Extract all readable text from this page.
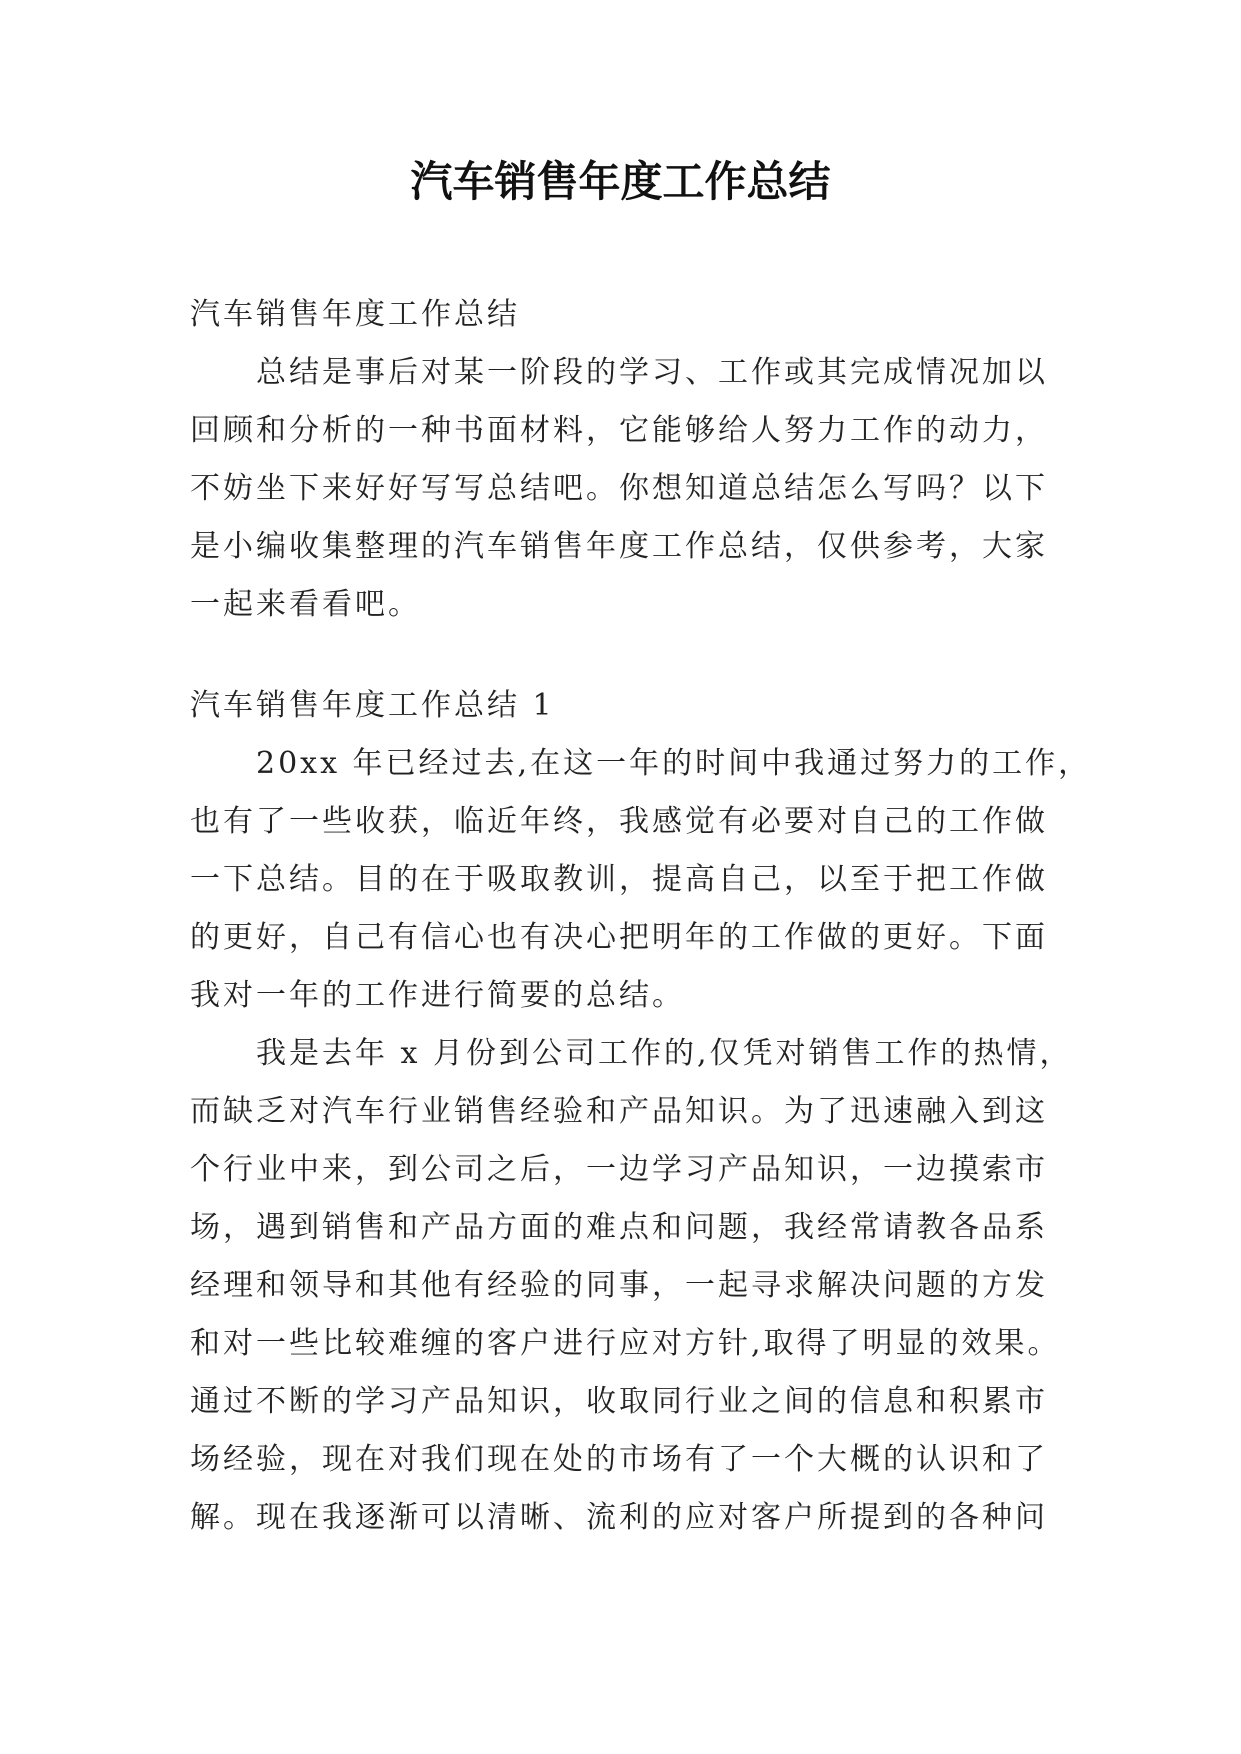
汽车销售年度工作总结

汽车销售年度工作总结

总结是事后对某一阶段的学习、工作或其完成情况加以
回顾和分析的一种书面材料，它能够给人努力工作的动力，
不妨坐下来好好写写总结吧。你想知道总结怎么写吗？以下
是小编收集整理的汽车销售年度工作总结，仅供参考，大家
一起来看看吧。

汽车销售年度工作总结 1

20xx 年已经过去,在这一年的时间中我通过努力的工作，
也有了一些收获，临近年终，我感觉有必要对自己的工作做
一下总结。目的在于吸取教训，提高自己，以至于把工作做
的更好，自己有信心也有决心把明年的工作做的更好。下面
我对一年的工作进行简要的总结。

我是去年 x 月份到公司工作的,仅凭对销售工作的热情，
而缺乏对汽车行业销售经验和产品知识。为了迅速融入到这
个行业中来，到公司之后，一边学习产品知识，一边摸索市
场，遇到销售和产品方面的难点和问题，我经常请教各品系
经理和领导和其他有经验的同事，一起寻求解决问题的方发
和对一些比较难缠的客户进行应对方针,取得了明显的效果。
通过不断的学习产品知识，收取同行业之间的信息和积累市
场经验，现在对我们现在处的市场有了一个大概的认识和了
解。现在我逐渐可以清晰、流利的应对客户所提到的各种问
